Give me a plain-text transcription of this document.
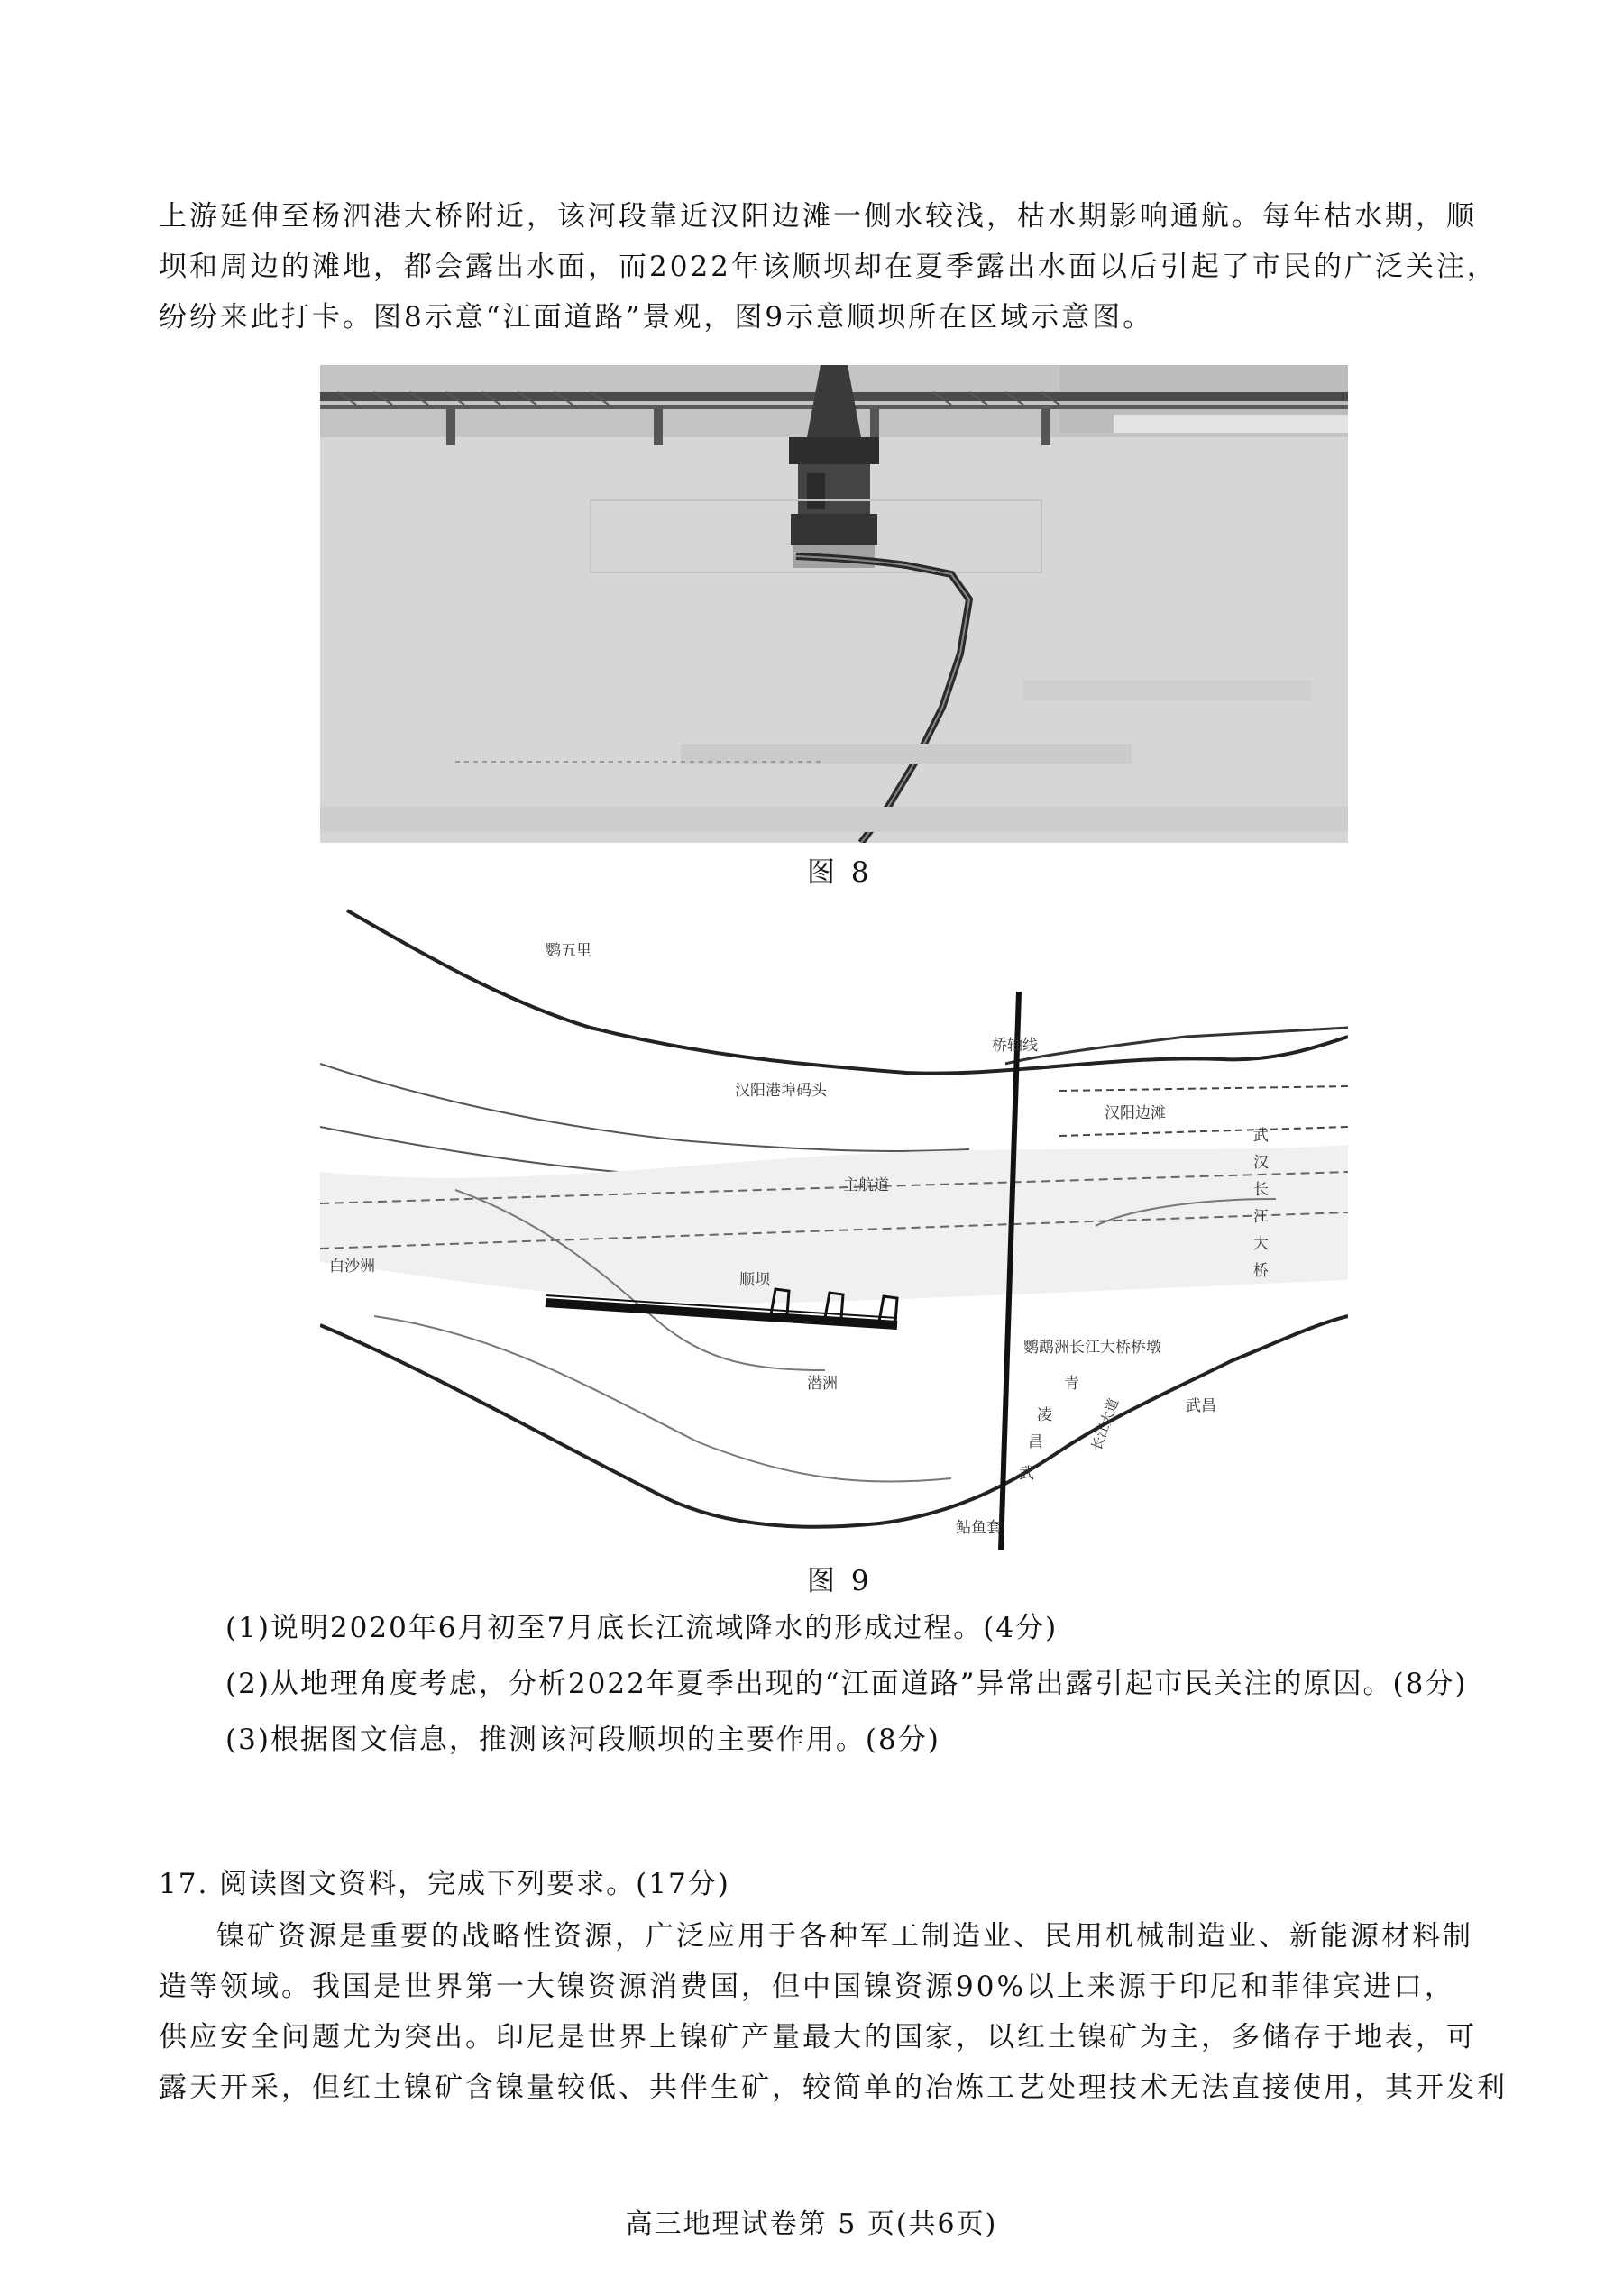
上游延伸至杨泗港大桥附近，该河段靠近汉阳边滩一侧水较浅，枯水期影响通航。每年枯水期，顺
坝和周边的滩地，都会露出水面，而2022年该顺坝却在夏季露出水面以后引起了市民的广泛关注，
纷纷来此打卡。图8示意“江面道路”景观，图9示意顺坝所在区域示意图。
图 8
鹦五里
汉阳港埠码头
桥轴线
汉阳边滩
主航道
白沙洲
顺坝
鹦鹉洲长江大桥桥墩
潜洲	青
凌
昌
武
武昌
武
汉
长
江
大
桥
长江大道
鲇鱼套
图 9
(1)说明2020年6月初至7月底长江流域降水的形成过程。(4分)
(2)从地理角度考虑，分析2022年夏季出现的“江面道路”异常出露引起市民关注的原因。(8分)
(3)根据图文信息，推测该河段顺坝的主要作用。(8分)
17. 阅读图文资料，完成下列要求。(17分)
镍矿资源是重要的战略性资源，广泛应用于各种军工制造业、民用机械制造业、新能源材料制
造等领域。我国是世界第一大镍资源消费国，但中国镍资源90%以上来源于印尼和菲律宾进口，
供应安全问题尤为突出。印尼是世界上镍矿产量最大的国家，以红土镍矿为主，多储存于地表，可
露天开采，但红土镍矿含镍量较低、共伴生矿，较简单的冶炼工艺处理技术无法直接使用，其开发利
高三地理试卷第 5 页(共6页)
